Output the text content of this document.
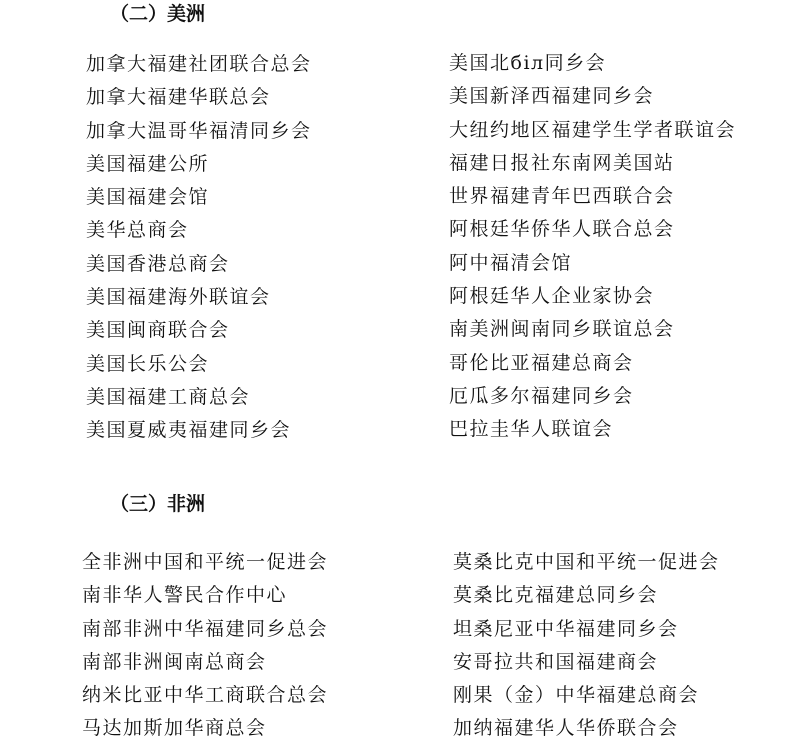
（二）美洲
加拿大福建社团联合总会
加拿大福建华联总会
加拿大温哥华福清同乡会
美国福建公所
美国福建会馆
美华总商会
美国香港总商会
美国福建海外联谊会
美国闽商联合会
美国长乐公会
美国福建工商总会
美国夏威夷福建同乡会
美国北біл同乡会
美国新泽西福建同乡会
大纽约地区福建学生学者联谊会
福建日报社东南网美国站
世界福建青年巴西联合会
阿根廷华侨华人联合总会
阿中福清会馆
阿根廷华人企业家协会
南美洲闽南同乡联谊总会
哥伦比亚福建总商会
厄瓜多尔福建同乡会
巴拉圭华人联谊会
（三）非洲
全非洲中国和平统一促进会
南非华人警民合作中心
南部非洲中华福建同乡总会
南部非洲闽南总商会
纳米比亚中华工商联合总会
马达加斯加华商总会
莫桑比克中国和平统一促进会
莫桑比克福建总同乡会
坦桑尼亚中华福建同乡会
安哥拉共和国福建商会
刚果（金）中华福建总商会
加纳福建华人华侨联合会
